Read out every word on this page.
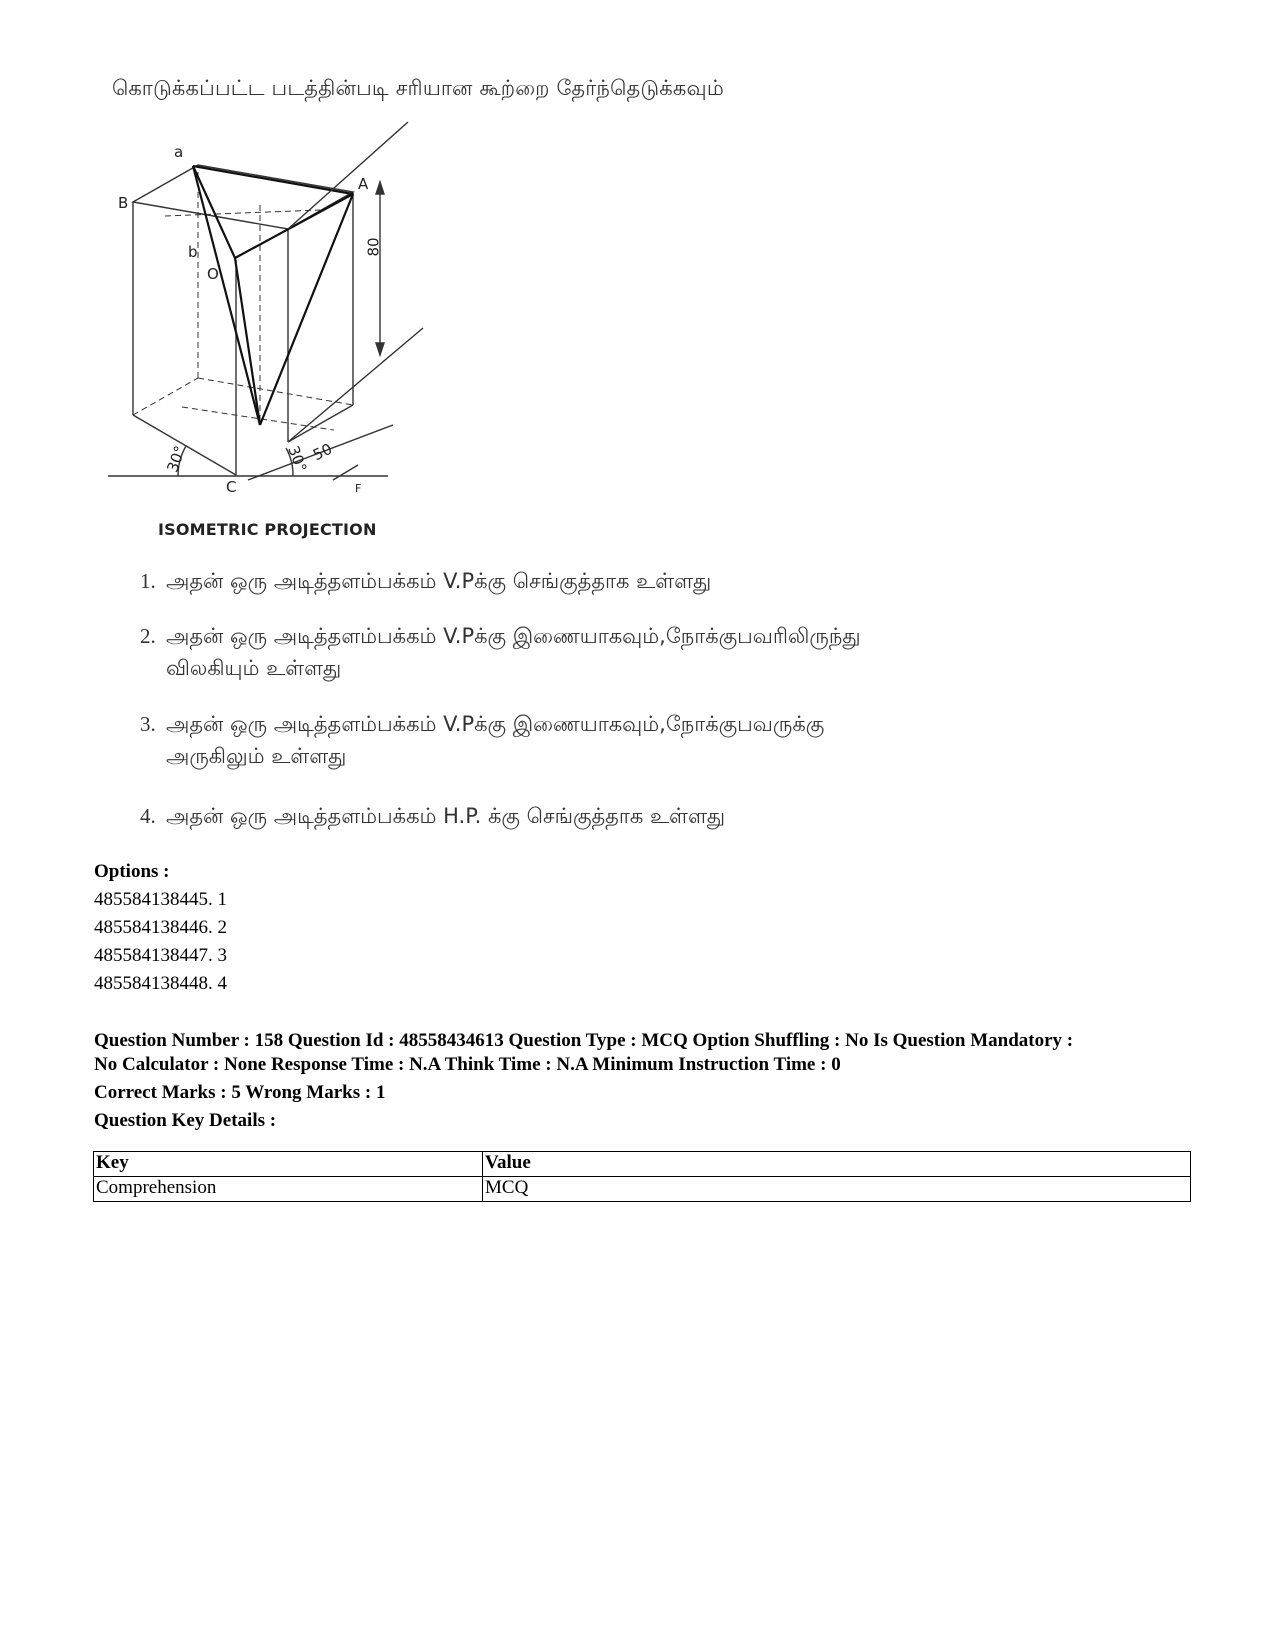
கொடுக்கப்பட்ட படத்தின்படி சரியான கூற்றை தேர்ந்தெடுக்கவும்
a
A
B
b
O
C	F
80
30°	30° 50
ISOMETRIC PROJECTION
1. அதன் ஒரு அடித்தளம்பக்கம் V.Pக்கு செங்குத்தாக உள்ளது
2. அதன் ஒரு அடித்தளம்பக்கம் V.Pக்கு இணையாகவும்,நோக்குபவரிலிருந்து
விலகியும் உள்ளது
3. அதன் ஒரு அடித்தளம்பக்கம் V.Pக்கு இணையாகவும்,நோக்குபவருக்கு
அருகிலும் உள்ளது
4. அதன் ஒரு அடித்தளம்பக்கம் H.P. க்கு செங்குத்தாக உள்ளது
Options :
485584138445. 1
485584138446. 2
485584138447. 3
485584138448. 4
Question Number : 158 Question Id : 48558434613 Question Type : MCQ Option Shuffling : No Is Question Mandatory :
No Calculator : None Response Time : N.A Think Time : N.A Minimum Instruction Time : 0
Correct Marks : 5 Wrong Marks : 1
Question Key Details :
Key	Value
Comprehension	MCQ
